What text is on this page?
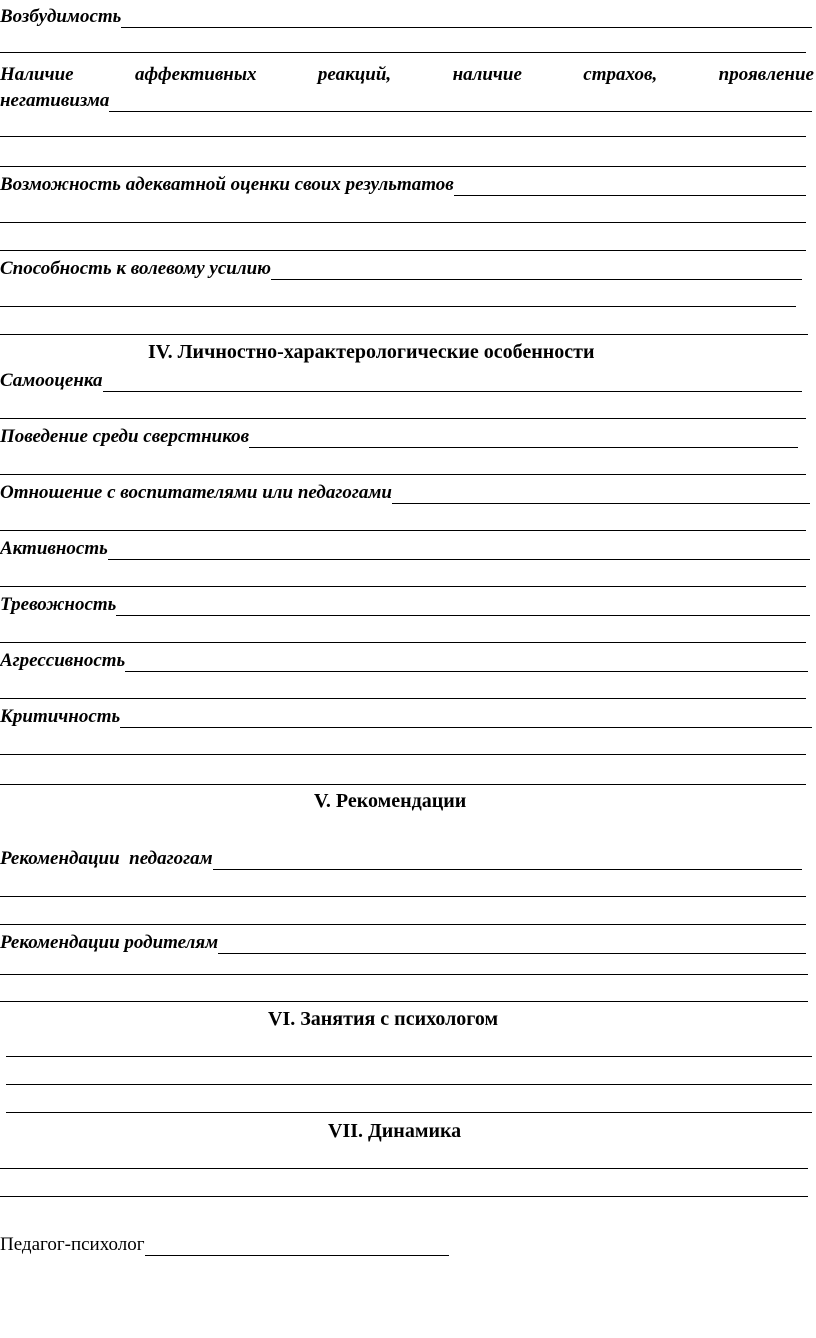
Возбудимость
Наличие	аффективных	реакций,	наличие	страхов,	проявление
негативизма
Возможность адекватной оценки своих результатов
Способность к волевому усилию
IV. Личностно-характерологические особенности
Самооценка
Поведение среди сверстников
Отношение с воспитателями или педагогами
Активность
Тревожность
Агрессивность
Критичность
V. Рекомендации
Рекомендации  педагогам
Рекомендации родителям
VI. Занятия с психологом
VII. Динамика
Педагог-психолог
